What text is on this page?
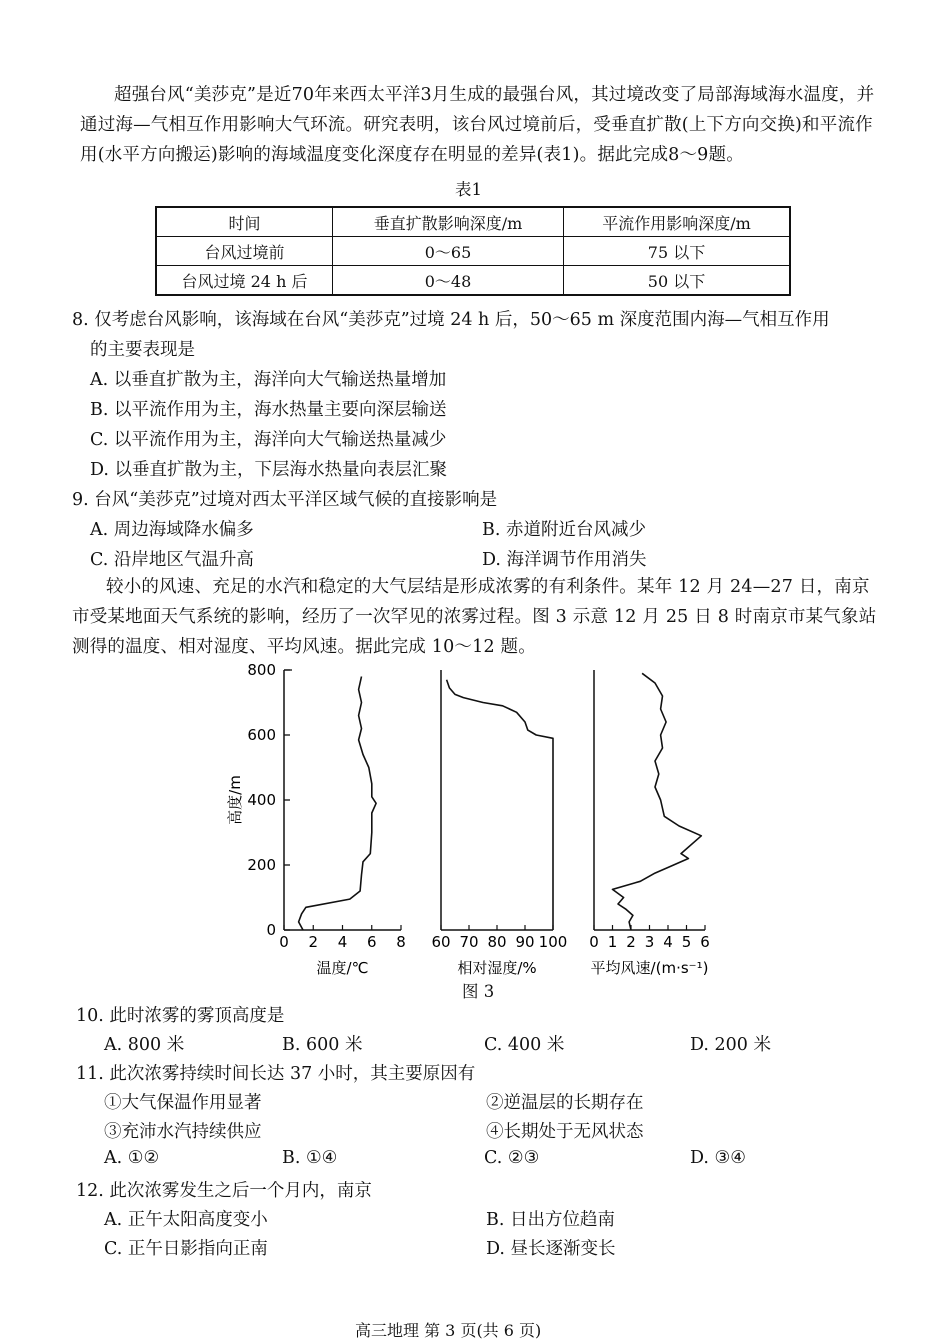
超强台风“美莎克”是近70年来西太平洋3月生成的最强台风，其过境改变了局部海域海水温度，并通过海—气相互作用影响大气环流。研究表明，该台风过境前后，受垂直扩散(上下方向交换)和平流作用(水平方向搬运)影响的海域温度变化深度存在明显的差异(表1)。据此完成8～9题。

表1
时间	垂直扩散影响深度/m	平流作用影响深度/m
台风过境前	0～65	75 以下
台风过境 24 h 后	0～48	50 以下
8. 仅考虑台风影响，该海域在台风“美莎克”过境 24 h 后，50～65 m 深度范围内海—气相互作用
的主要表现是
A. 以垂直扩散为主，海洋向大气输送热量增加
B. 以平流作用为主，海水热量主要向深层输送
C. 以平流作用为主，海洋向大气输送热量减少
D. 以垂直扩散为主，下层海水热量向表层汇聚
9. 台风“美莎克”过境对西太平洋区域气候的直接影响是
A. 周边海域降水偏多	B. 赤道附近台风减少
C. 沿岸地区气温升高	D. 海洋调节作用消失

较小的风速、充足的水汽和稳定的大气层结是形成浓雾的有利条件。某年 12 月 24—27 日，南京市受某地面天气系统的影响，经历了一次罕见的浓雾过程。图 3 示意 12 月 25 日 8 时南京市某气象站测得的温度、相对湿度、平均风速。据此完成 10～12 题。

0
200
400
600
800
0 2 4 6 8
温度/℃
60 70 80 90 100
相对湿度/%
0 1 2 3 4 5 6
平均风速/(m·s⁻¹)
高度/m
图 3
10. 此时浓雾的雾顶高度是
A. 800 米	B. 600 米	C. 400 米	D. 200 米
11. 此次浓雾持续时间长达 37 小时，其主要原因有
①大气保温作用显著	②逆温层的长期存在
③充沛水汽持续供应	④长期处于无风状态
A. ①②	B. ①④	C. ②③	D. ③④
12. 此次浓雾发生之后一个月内，南京
A. 正午太阳高度变小	B. 日出方位趋南
C. 正午日影指向正南	D. 昼长逐渐变长
高三地理 第 3 页(共 6 页)
